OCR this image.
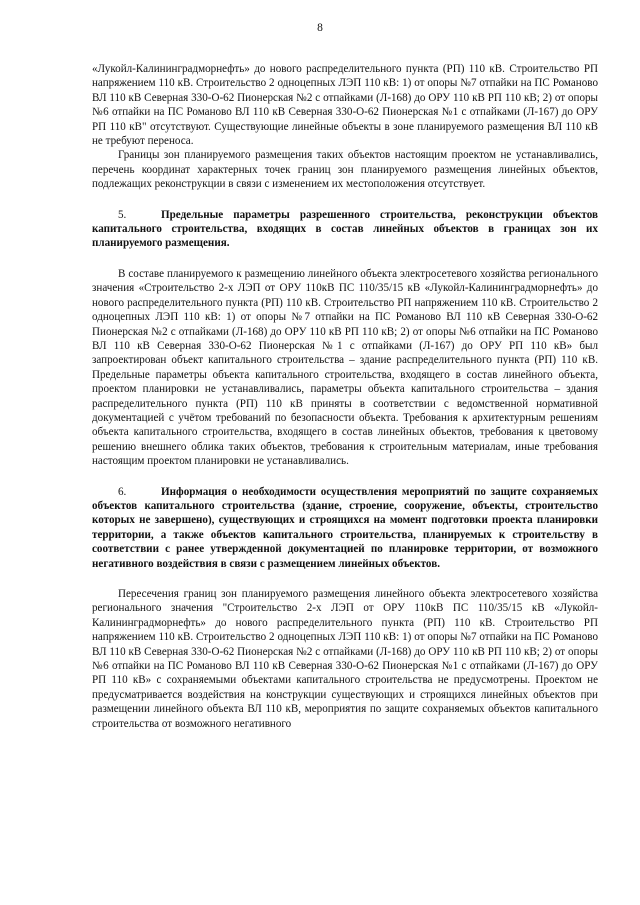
8

«Лукойл-Калининградморнефть» до нового распределительного пункта (РП) 110 кВ. Строительство РП напряжением 110 кВ. Строительство 2 одноцепных ЛЭП 110 кВ: 1) от опоры №7 отпайки на ПС Романово ВЛ 110 кВ Северная 330-О-62 Пионерская №2 с отпайками (Л-168) до ОРУ 110 кВ РП 110 кВ; 2) от опоры №6 отпайки на ПС Романово ВЛ 110 кВ Северная 330-О-62 Пионерская №1 с отпайками (Л-167) до ОРУ РП 110 кВ" отсутствуют. Существующие линейные объекты в зоне планируемого размещения ВЛ 110 кВ не требуют переноса.

Границы зон планируемого размещения таких объектов настоящим проектом не устанавливались, перечень координат характерных точек границ зон планируемого размещения линейных объектов, подлежащих реконструкции в связи с изменением их местоположения отсутствует.

5.	Предельные параметры разрешенного строительства, реконструкции объектов капитального строительства, входящих в состав линейных объектов в границах зон их планируемого размещения.

В составе планируемого к размещению линейного объекта электросетевого хозяйства регионального значения «Строительство 2-х ЛЭП от ОРУ 110кВ ПС 110/35/15 кВ «Лукойл-Калининградморнефть» до нового распределительного пункта (РП) 110 кВ. Строительство РП напряжением 110 кВ. Строительство 2 одноцепных ЛЭП 110 кВ: 1) от опоры №7 отпайки на ПС Романово ВЛ 110 кВ Северная 330-О-62 Пионерская №2 с отпайками (Л-168) до ОРУ 110 кВ РП 110 кВ; 2) от опоры №6 отпайки на ПС Романово ВЛ 110 кВ Северная 330-О-62 Пионерская №1 с отпайками (Л-167) до ОРУ РП 110 кВ» был запроектирован объект капитального строительства – здание распределительного пункта (РП) 110 кВ. Предельные параметры объекта капитального строительства, входящего в состав линейного объекта, проектом планировки не устанавливались, параметры объекта капитального строительства – здания распределительного пункта (РП) 110 кВ приняты в соответствии с ведомственной нормативной документацией с учётом требований по безопасности объекта. Требования к архитектурным решениям объекта капитального строительства, входящего в состав линейных объектов, требования к цветовому решению внешнего облика таких объектов, требования к строительным материалам, иные требования настоящим проектом планировки не устанавливались.

6.	Информация о необходимости осуществления мероприятий по защите сохраняемых объектов капитального строительства (здание, строение, сооружение, объекты, строительство которых не завершено), существующих и строящихся на момент подготовки проекта планировки территории, а также объектов капитального строительства, планируемых к строительству в соответствии с ранее утвержденной документацией по планировке территории, от возможного негативного воздействия в связи с размещением линейных объектов.

Пересечения границ зон планируемого размещения линейного объекта электросетевого хозяйства регионального значения "Строительство 2-х ЛЭП от ОРУ 110кВ ПС 110/35/15 кВ «Лукойл-Калининградморнефть» до нового распределительного пункта (РП) 110 кВ. Строительство РП напряжением 110 кВ. Строительство 2 одноцепных ЛЭП 110 кВ: 1) от опоры №7 отпайки на ПС Романово ВЛ 110 кВ Северная 330-О-62 Пионерская №2 с отпайками (Л-168) до ОРУ 110 кВ РП 110 кВ; 2) от опоры №6 отпайки на ПС Романово ВЛ 110 кВ Северная 330-О-62 Пионерская №1 с отпайками (Л-167) до ОРУ РП 110 кВ» с сохраняемыми объектами капитального строительства не предусмотрены. Проектом не предусматривается воздействия на конструкции существующих и строящихся линейных объектов при размещении линейного объекта ВЛ 110 кВ, мероприятия по защите сохраняемых объектов капитального строительства от возможного негативного
